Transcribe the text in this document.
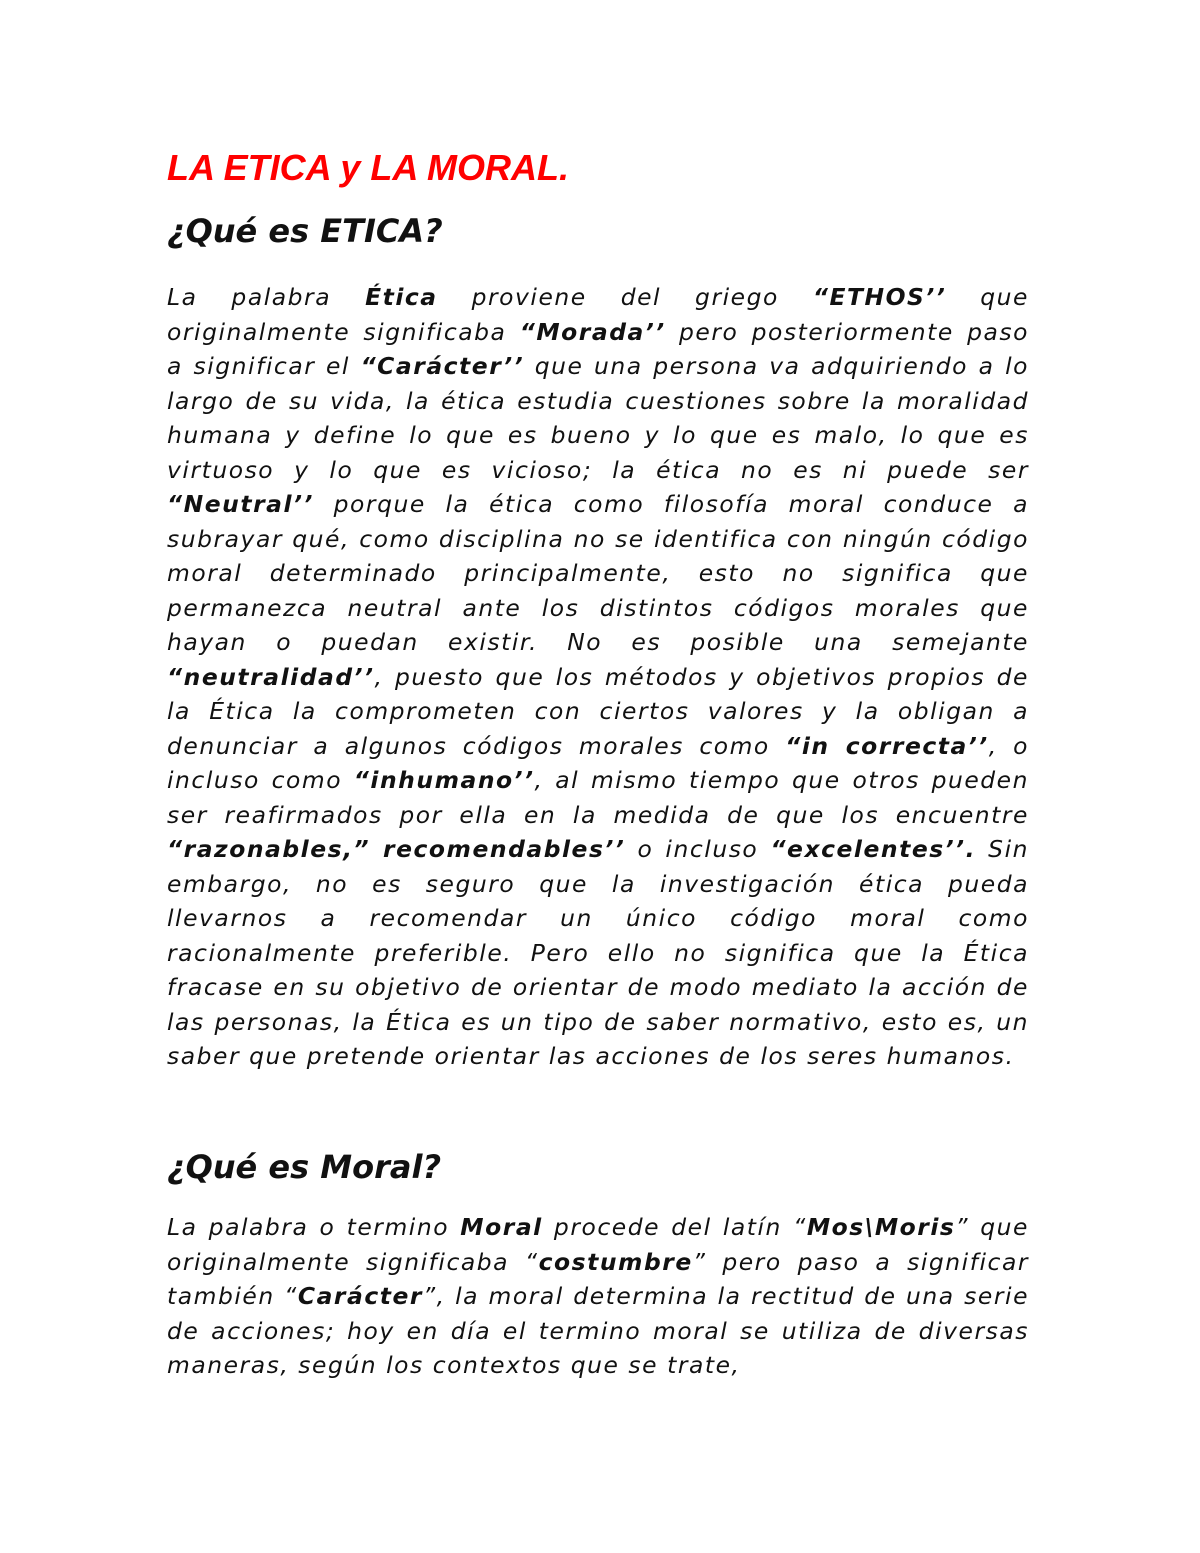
LA ETICA y LA MORAL.
¿Qué es ETICA?

La palabra Ética proviene del griego “ETHOS’’ que originalmente significaba “Morada’’ pero posteriormente paso a significar el “Carácter’’ que una persona va adquiriendo a lo largo de su vida, la ética estudia cuestiones sobre la moralidad humana y define lo que es bueno y lo que es malo, lo que es virtuoso y lo que es vicioso; la ética no es ni puede ser “Neutral’’ porque la ética como filosofía moral conduce a subrayar qué, como disciplina no se identifica con ningún código moral determinado principalmente, esto no significa que permanezca neutral ante los distintos códigos morales que hayan o puedan existir. No es posible una semejante “neutralidad’’, puesto que los métodos y objetivos propios de la Ética la comprometen con ciertos valores y la obligan a denunciar a algunos códigos morales como “in correcta’’, o incluso como “inhumano’’, al mismo tiempo que otros pueden ser reafirmados por ella en la medida de que los encuentre “razonables,” recomendables’’ o incluso “excelentes’’. Sin embargo, no es seguro que la investigación ética pueda llevarnos a recomendar un único código moral como racionalmente preferible. Pero ello no significa que la Ética fracase en su objetivo de orientar de modo mediato la acción de las personas, la Ética es un tipo de saber normativo, esto es, un saber que pretende orientar las acciones de los seres humanos.

¿Qué es Moral?

La palabra o termino Moral procede del latín “Mos\Moris” que originalmente significaba “costumbre” pero paso a significar también “Carácter”, la moral determina la rectitud de una serie de acciones; hoy en día el termino moral se utiliza de diversas maneras, según los contextos que se trate,
